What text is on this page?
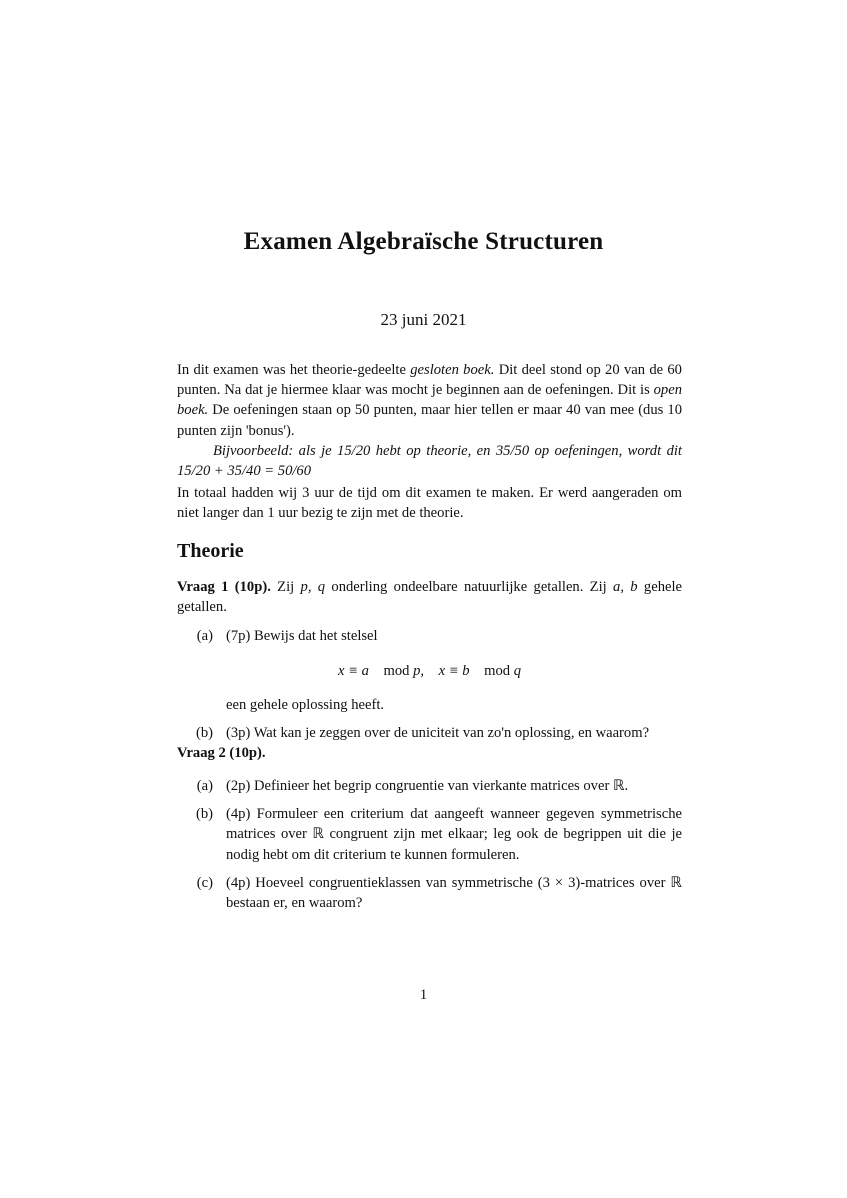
Examen Algebraïsche Structuren
23 juni 2021

In dit examen was het theorie-gedeelte gesloten boek. Dit deel stond op 20 van de 60 punten. Na dat je hiermee klaar was mocht je beginnen aan de oefeningen. Dit is open boek. De oefeningen staan op 50 punten, maar hier tellen er maar 40 van mee (dus 10 punten zijn 'bonus').

Bijvoorbeeld: als je 15/20 hebt op theorie, en 35/50 op oefeningen, wordt dit 15/20 + 35/40 = 50/60

In totaal hadden wij 3 uur de tijd om dit examen te maken. Er werd aangeraden om niet langer dan 1 uur bezig te zijn met de theorie.

Theorie

Vraag 1 (10p). Zij p, q onderling ondeelbare natuurlijke getallen. Zij a, b gehele getallen.

(a) (7p) Bewijs dat het stelsel
x ≡ a mod p, x ≡ b mod q
een gehele oplossing heeft.
(b) (3p) Wat kan je zeggen over de uniciteit van zo'n oplossing, en waarom?
Vraag 2 (10p).
(a) (2p) Definieer het begrip congruentie van vierkante matrices over ℝ.
(b) (4p) Formuleer een criterium dat aangeeft wanneer gegeven symmetrische matrices over ℝ congruent zijn met elkaar; leg ook de begrippen uit die je nodig hebt om dit criterium te kunnen formuleren.
(c) (4p) Hoeveel congruentieklassen van symmetrische (3 × 3)-matrices over ℝ bestaan er, en waarom?
1
